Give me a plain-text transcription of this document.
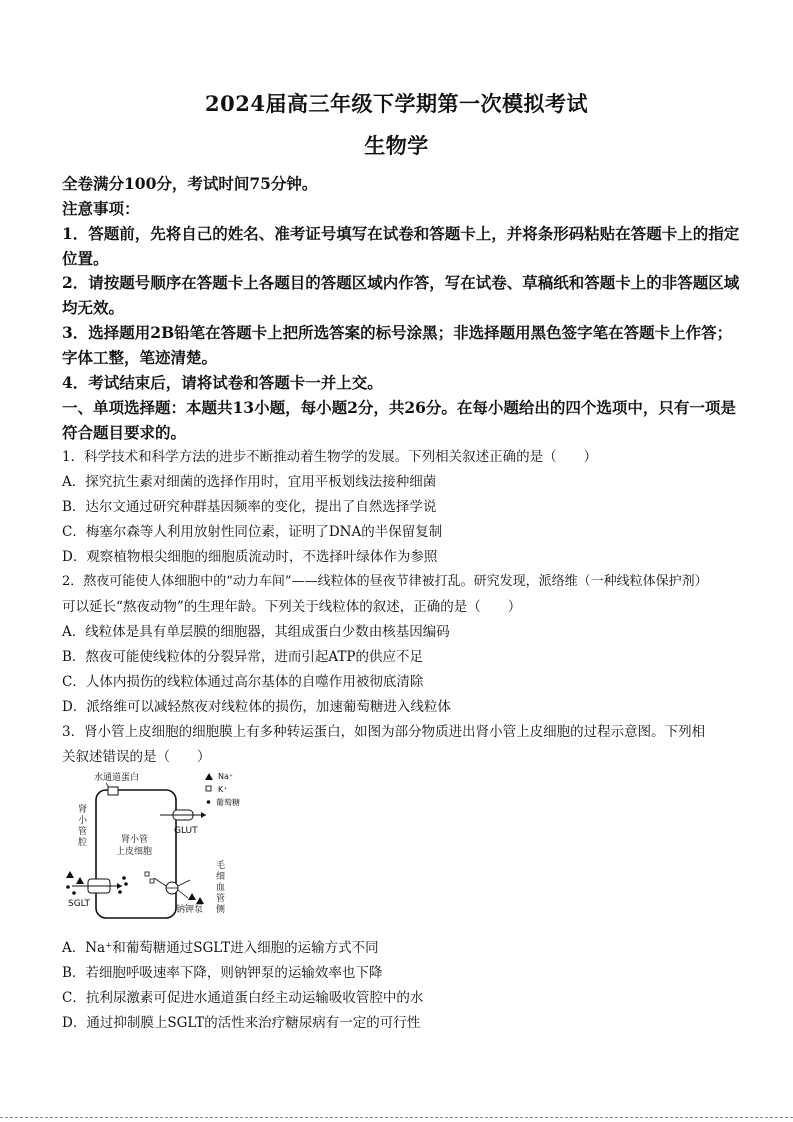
2024届高三年级下学期第一次模拟考试
生物学
全卷满分100分，考试时间75分钟。
注意事项：
1．答题前，先将自己的姓名、准考证号填写在试卷和答题卡上，并将条形码粘贴在答题卡上的指定位置。
2．请按题号顺序在答题卡上各题目的答题区域内作答，写在试卷、草稿纸和答题卡上的非答题区域均无效。
3．选择题用2B铅笔在答题卡上把所选答案的标号涂黑；非选择题用黑色签字笔在答题卡上作答；字体工整，笔迹清楚。
4．考试结束后，请将试卷和答题卡一并上交。
一、单项选择题：本题共13小题，每小题2分，共26分。在每小题给出的四个选项中，只有一项是符合题目要求的。
1．科学技术和科学方法的进步不断推动着生物学的发展。下列相关叙述正确的是（　　）
A．探究抗生素对细菌的选择作用时，宜用平板划线法接种细菌
B．达尔文通过研究种群基因频率的变化，提出了自然选择学说
C．梅塞尔森等人利用放射性同位素，证明了DNA的半保留复制
D．观察植物根尖细胞的细胞质流动时，不选择叶绿体作为参照
2．熬夜可能使人体细胞中的“动力车间”——线粒体的昼夜节律被打乱。研究发现，派络维（一种线粒体保护剂）
可以延长“熬夜动物”的生理年龄。下列关于线粒体的叙述，正确的是（　　）
A．线粒体是具有单层膜的细胞器，其组成蛋白少数由核基因编码
B．熬夜可能使线粒体的分裂异常，进而引起ATP的供应不足
C．人体内损伤的线粒体通过高尔基体的自噬作用被彻底清除
D．派络维可以减轻熬夜对线粒体的损伤，加速葡萄糖进入线粒体
3．肾小管上皮细胞的细胞膜上有多种转运蛋白，如图为部分物质进出肾小管上皮细胞的过程示意图。下列相
关叙述错误的是（　　）
水通道蛋白
肾
小
管
腔	肾小管
上皮细胞
GLUT
SGLT
钠钾泵
毛
细
血
管
侧
Na⁺
K⁺
葡萄糖
A．Na⁺和葡萄糖通过SGLT进入细胞的运输方式不同
B．若细胞呼吸速率下降，则钠钾泵的运输效率也下降
C．抗利尿激素可促进水通道蛋白经主动运输吸收管腔中的水
D．通过抑制膜上SGLT的活性来治疗糖尿病有一定的可行性
